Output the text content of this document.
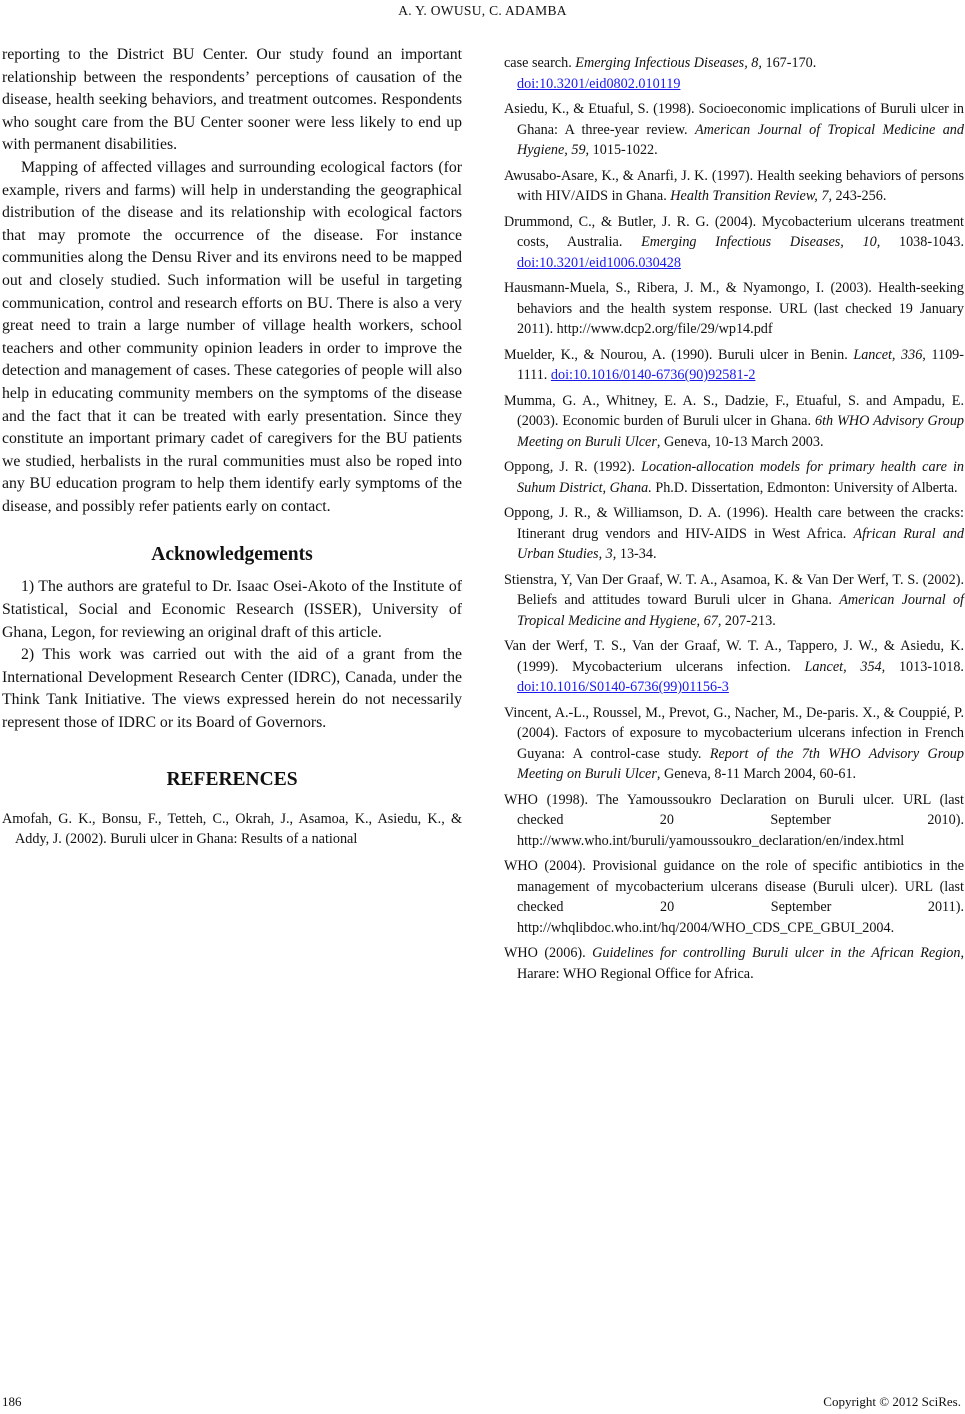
A. Y. OWUSU, C. ADAMBA

reporting to the District BU Center. Our study found an important relationship between the respondents’ perceptions of causation of the disease, health seeking behaviors, and treatment outcomes. Respondents who sought care from the BU Center sooner were less likely to end up with permanent disabilities.

Mapping of affected villages and surrounding ecological factors (for example, rivers and farms) will help in understanding the geographical distribution of the disease and its relationship with ecological factors that may promote the occurrence of the disease. For instance communities along the Densu River and its environs need to be mapped out and closely studied. Such information will be useful in targeting communication, control and research efforts on BU. There is also a very great need to train a large number of village health workers, school teachers and other community opinion leaders in order to improve the detection and management of cases. These categories of people will also help in educating community members on the symptoms of the disease and the fact that it can be treated with early presentation. Since they constitute an important primary cadet of caregivers for the BU patients we studied, herbalists in the rural communities must also be roped into any BU education program to help them identify early symptoms of the disease, and possibly refer patients early on contact.

Acknowledgements

1) The authors are grateful to Dr. Isaac Osei-Akoto of the Institute of Statistical, Social and Economic Research (ISSER), University of Ghana, Legon, for reviewing an original draft of this article.

2) This work was carried out with the aid of a grant from the International Development Research Center (IDRC), Canada, under the Think Tank Initiative. The views expressed herein do not necessarily represent those of IDRC or its Board of Governors.

REFERENCES

Amofah, G. K., Bonsu, F., Tetteh, C., Okrah, J., Asamoa, K., Asiedu, K., & Addy, J. (2002). Buruli ulcer in Ghana: Results of a national

case search. Emerging Infectious Diseases, 8, 167-170.
doi:10.3201/eid0802.010119

Asiedu, K., & Etuaful, S. (1998). Socioeconomic implications of Buruli ulcer in Ghana: A three-year review. American Journal of Tropical Medicine and Hygiene, 59, 1015-1022.

Awusabo-Asare, K., & Anarfi, J. K. (1997). Health seeking behaviors of persons with HIV/AIDS in Ghana. Health Transition Review, 7, 243-256.

Drummond, C., & Butler, J. R. G. (2004). Mycobacterium ulcerans treatment costs, Australia. Emerging Infectious Diseases, 10, 1038-1043. doi:10.3201/eid1006.030428

Hausmann-Muela, S., Ribera, J. M., & Nyamongo, I. (2003). Health-seeking behaviors and the health system response. URL (last checked 19 January 2011). http://www.dcp2.org/file/29/wp14.pdf

Muelder, K., & Nourou, A. (1990). Buruli ulcer in Benin. Lancet, 336, 1109-1111. doi:10.1016/0140-6736(90)92581-2

Mumma, G. A., Whitney, E. A. S., Dadzie, F., Etuaful, S. and Ampadu, E. (2003). Economic burden of Buruli ulcer in Ghana. 6th WHO Advisory Group Meeting on Buruli Ulcer, Geneva, 10-13 March 2003.

Oppong, J. R. (1992). Location-allocation models for primary health care in Suhum District, Ghana. Ph.D. Dissertation, Edmonton: University of Alberta.

Oppong, J. R., & Williamson, D. A. (1996). Health care between the cracks: Itinerant drug vendors and HIV-AIDS in West Africa. African Rural and Urban Studies, 3, 13-34.

Stienstra, Y, Van Der Graaf, W. T. A., Asamoa, K. & Van Der Werf, T. S. (2002). Beliefs and attitudes toward Buruli ulcer in Ghana. American Journal of Tropical Medicine and Hygiene, 67, 207-213.

Van der Werf, T. S., Van der Graaf, W. T. A., Tappero, J. W., & Asiedu, K. (1999). Mycobacterium ulcerans infection. Lancet, 354, 1013-1018. doi:10.1016/S0140-6736(99)01156-3

Vincent, A.-L., Roussel, M., Prevot, G., Nacher, M., De-paris. X., & Couppié, P. (2004). Factors of exposure to mycobacterium ulcerans infection in French Guyana: A control-case study. Report of the 7th WHO Advisory Group Meeting on Buruli Ulcer, Geneva, 8-11 March 2004, 60-61.

WHO (1998). The Yamoussoukro Declaration on Buruli ulcer. URL (last checked 20 September 2010). http://www.who.int/buruli/yamoussoukro_declaration/en/index.html

WHO (2004). Provisional guidance on the role of specific antibiotics in the management of mycobacterium ulcerans disease (Buruli ulcer). URL (last checked 20 September 2011). http://whqlibdoc.who.int/hq/2004/WHO_CDS_CPE_GBUI_2004.

WHO (2006). Guidelines for controlling Buruli ulcer in the African Region, Harare: WHO Regional Office for Africa.

186	Copyright © 2012 SciRes.
